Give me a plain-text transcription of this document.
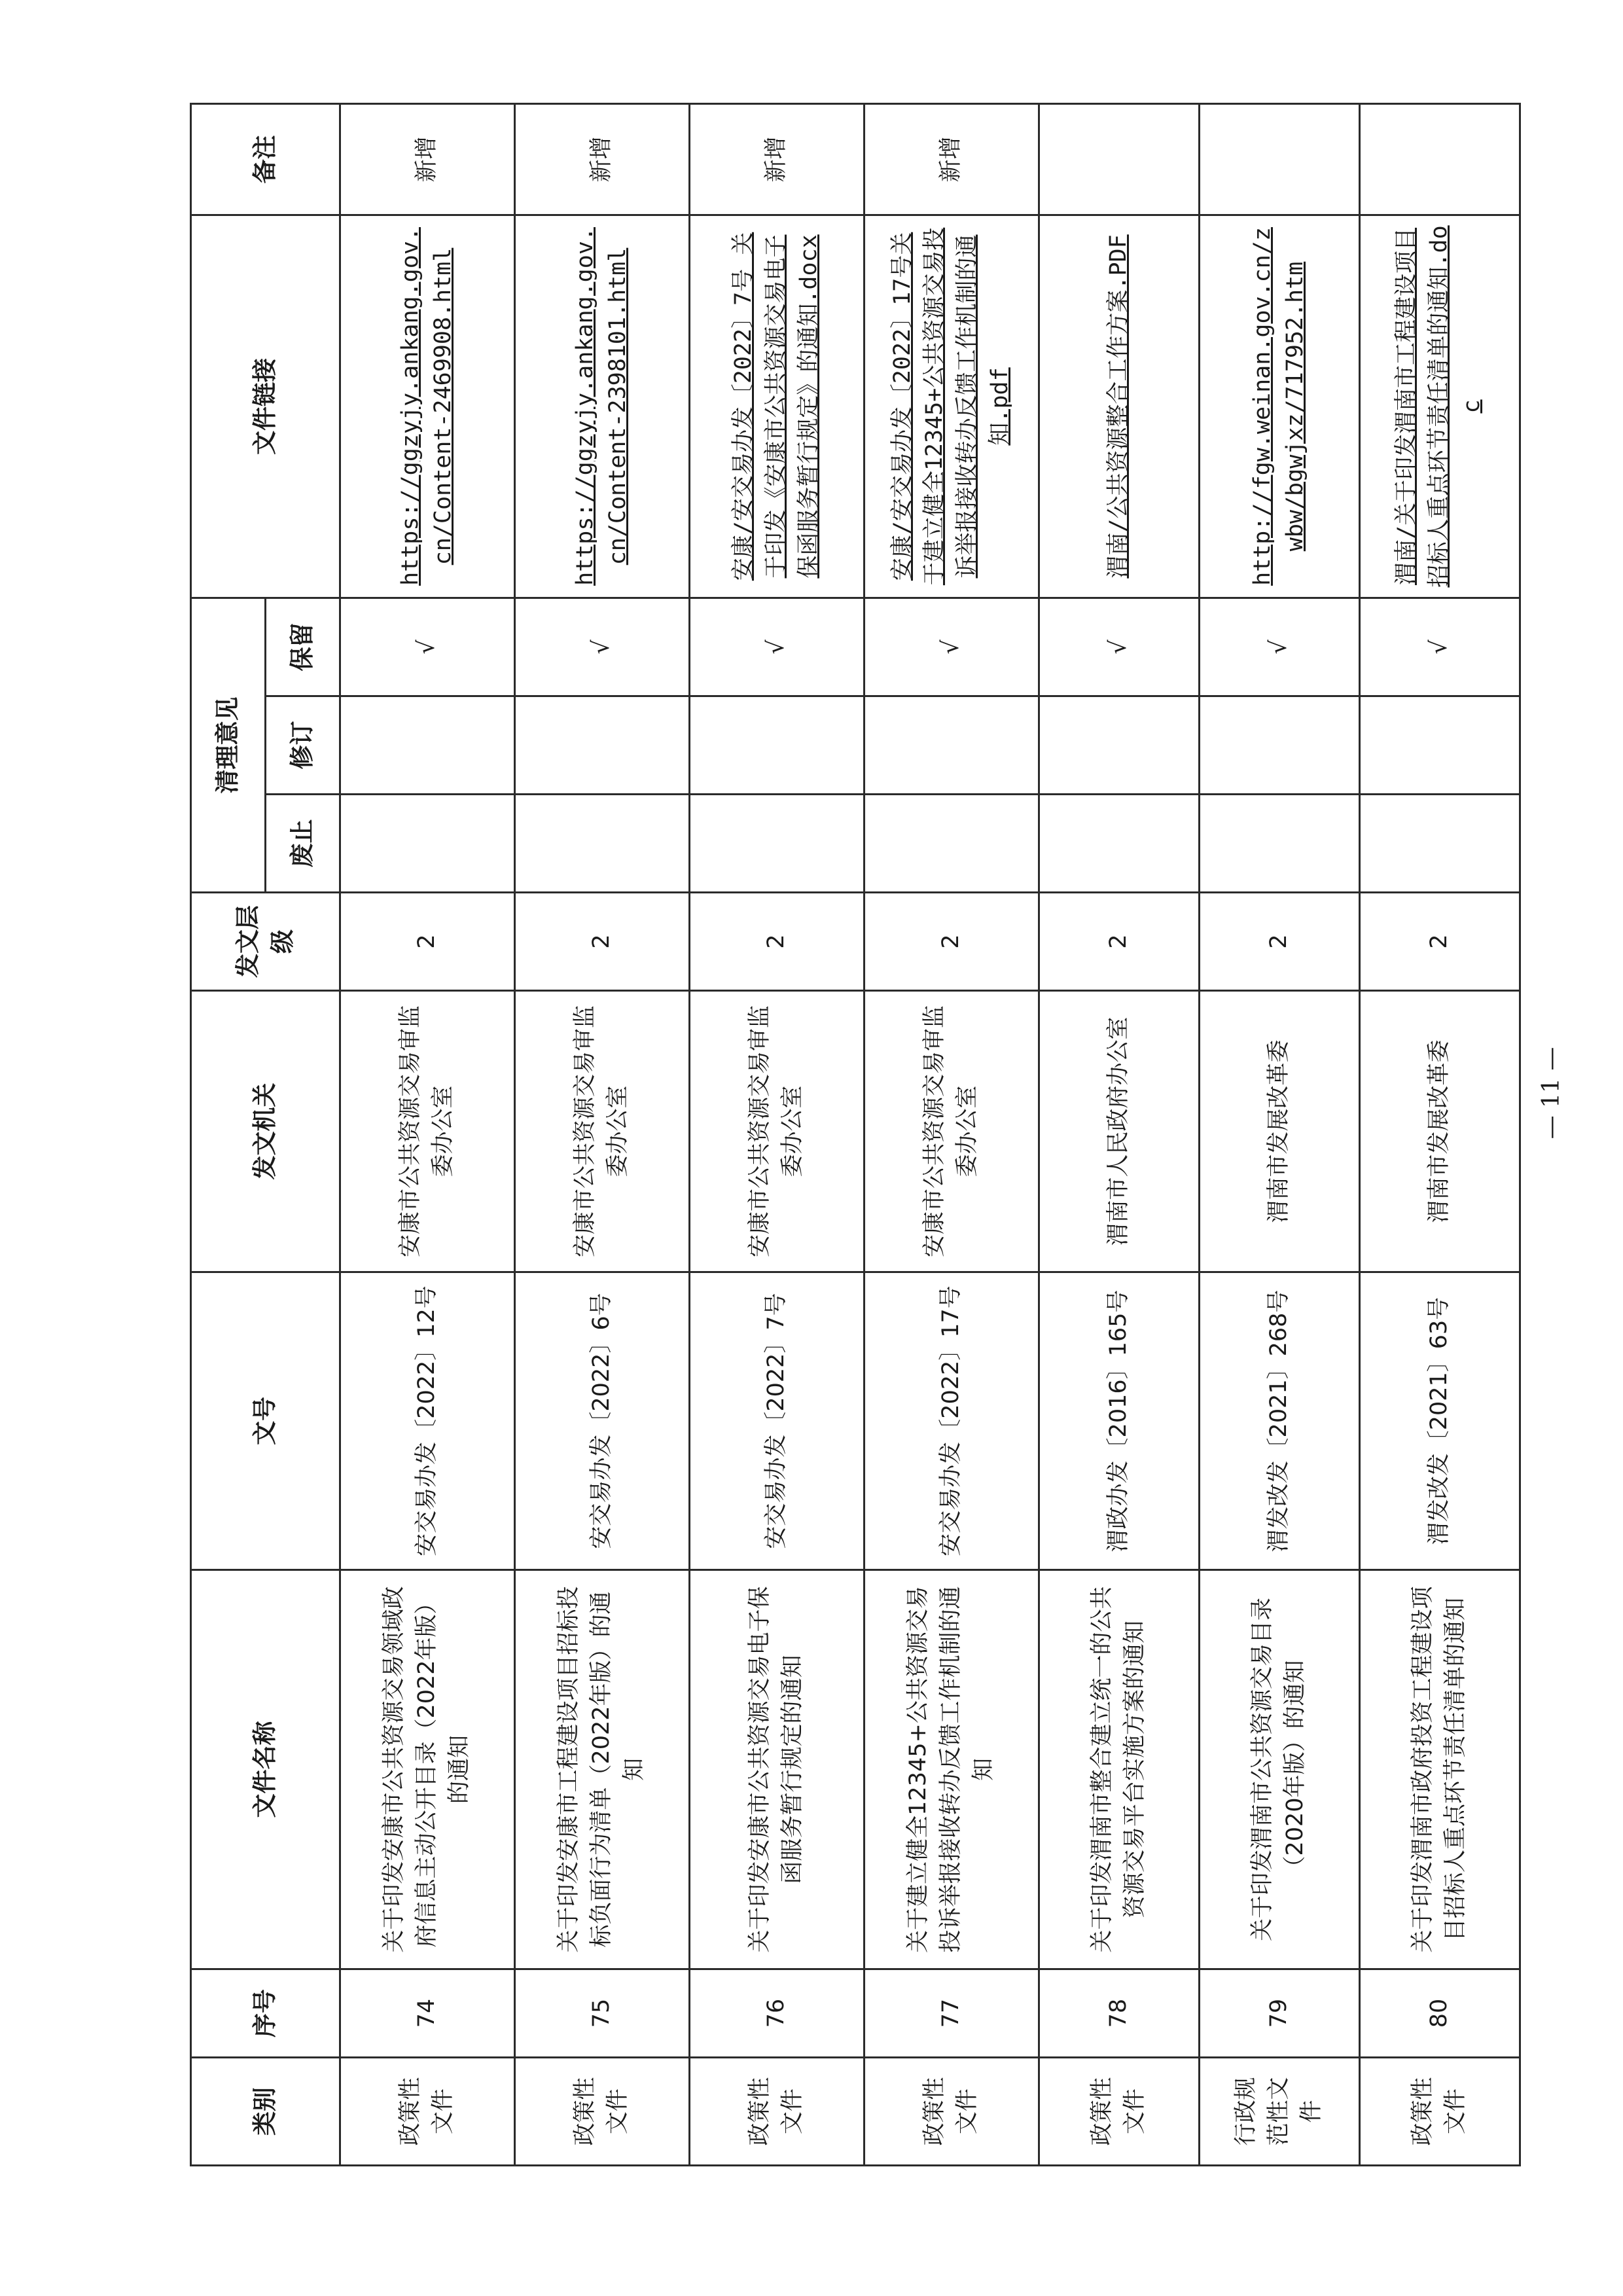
类别	序号	文件名称	文号	发文机关	发文层级	清理意见			文件链接	备注
						废止	修订	保留		
政策性文件	74	关于印发安康市公共资源交易领域政府信息主动公开目录（2022年版）的通知	安交易办发〔2022〕12号	安康市公共资源交易审监委办公室	2			√	https://ggzyjy.ankang.gov.cn/Content-2469908.html	新增
政策性文件	75	关于印发安康市工程建设项目招标投标负面行为清单（2022年版）的通知	安交易办发〔2022〕6号	安康市公共资源交易审监委办公室	2			√	https://ggzyjy.ankang.gov.cn/Content-2398101.html	新增
政策性文件	76	关于印发安康市公共资源交易电子保函服务暂行规定的通知	安交易办发〔2022〕7号	安康市公共资源交易审监委办公室	2			√	安康/安交易办发〔2022〕7号 关于印发《安康市公共资源交易电子保函服务暂行规定》的通知.docx	新增
政策性文件	77	关于建立健全12345+公共资源交易投诉举报接收转办反馈工作机制的通知	安交易办发〔2022〕17号	安康市公共资源交易审监委办公室	2			√	安康/安交易办发〔2022〕17号关于建立健全12345+公共资源交易投诉举报接收转办反馈工作机制的通知.pdf	新增
政策性文件	78	关于印发渭南市整合建立统一的公共资源交易平台实施方案的通知	渭政办发〔2016〕165号	渭南市人民政府办公室	2			√	渭南/公共资源整合工作方案.PDF	
行政规范性文件	79	关于印发渭南市公共资源交易目录（2020年版）的通知	渭发改发〔2021〕268号	渭南市发展改革委	2			√	http://fgw.weinan.gov.cn/zwbw/bgwjxz/717952.htm	
政策性文件	80	关于印发渭南市政府投资工程建设项目招标人重点环节责任清单的通知	渭发改发〔2021〕63号	渭南市发展改革委	2			√	渭南/关于印发渭南市工程建设项目招标人重点环节责任清单的通知.doc	
— 11 —
